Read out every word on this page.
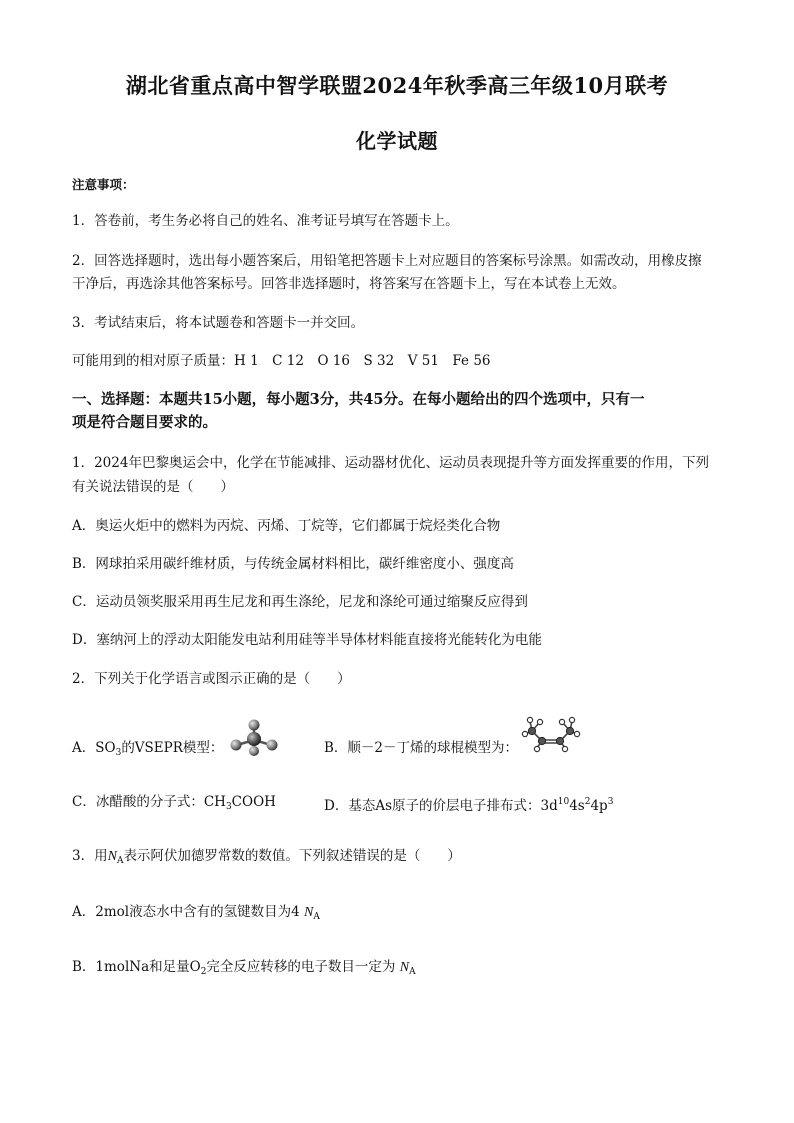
湖北省重点高中智学联盟2024年秋季高三年级10月联考
化学试题
注意事项：
1．答卷前，考生务必将自己的姓名、准考证号填写在答题卡上。
2．回答选择题时，选出每小题答案后，用铅笔把答题卡上对应题目的答案标号涂黑。如需改动，用橡皮擦
干净后，再选涂其他答案标号。回答非选择题时，将答案写在答题卡上，写在本试卷上无效。
3．考试结束后，将本试题卷和答题卡一并交回。
可能用到的相对原子质量：H 1　C 12　O 16　S 32　V 51　Fe 56
一、选择题：本题共15小题，每小题3分，共45分。在每小题给出的四个选项中，只有一
项是符合题目要求的。
1．2024年巴黎奥运会中，化学在节能减排、运动器材优化、运动员表现提升等方面发挥重要的作用，下列
有关说法错误的是（　　）
A．奥运火炬中的燃料为丙烷、丙烯、丁烷等，它们都属于烷烃类化合物
B．网球拍采用碳纤维材质，与传统金属材料相比，碳纤维密度小、强度高
C．运动员领奖服采用再生尼龙和再生涤纶，尼龙和涤纶可通过缩聚反应得到
D．塞纳河上的浮动太阳能发电站利用硅等半导体材料能直接将光能转化为电能
2．下列关于化学语言或图示正确的是（　　）
A．$SO_3$的VSEPR模型：	B．顺－2－丁烯的球棍模型为：
C．冰醋酸的分子式：$CH_3COOH$	D．基态As原子的价层电子排布式：$3d^{10}4s^24p^3$
3．用$N_A$表示阿伏加德罗常数的数值。下列叙述错误的是（　　）
A．2mol液态水中含有的氢键数目为4 $N_A$
B．1molNa和足量$O_2$完全反应转移的电子数目一定为 $N_A$
